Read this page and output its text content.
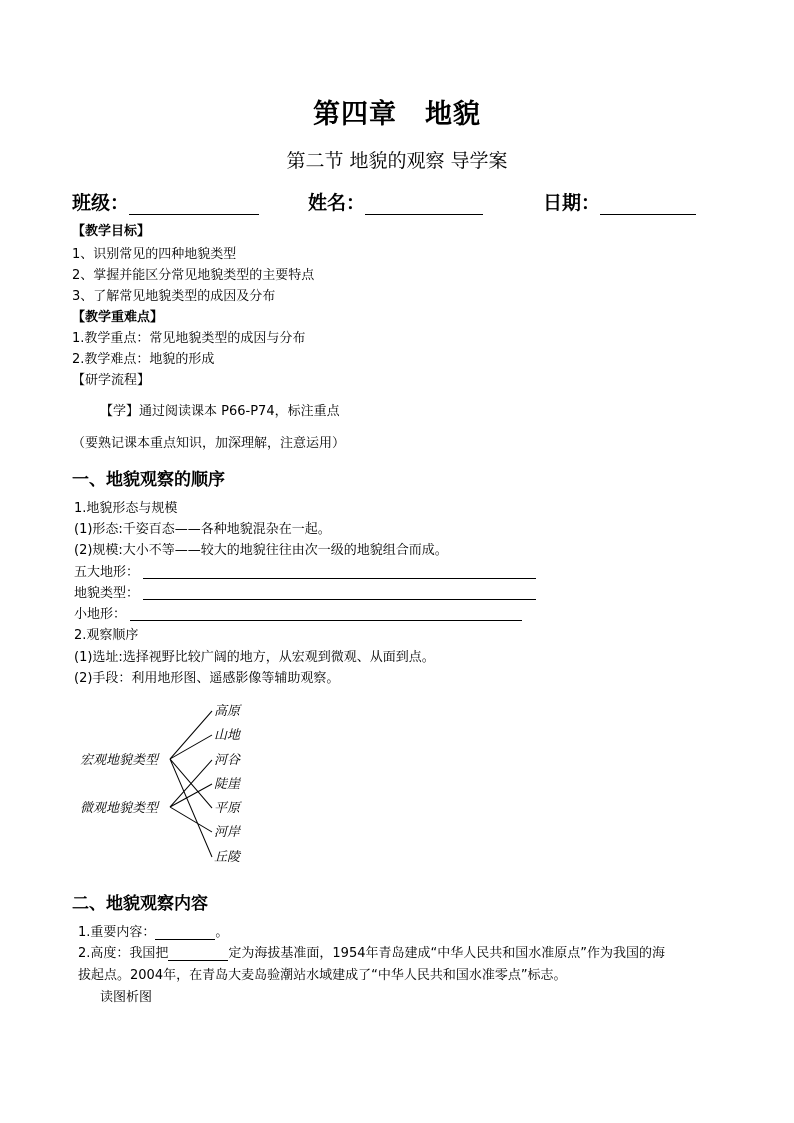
第四章　地貌
第二节 地貌的观察 导学案
班级：	姓名：	日期：
【教学目标】
1、识别常见的四种地貌类型
2、掌握并能区分常见地貌类型的主要特点
3、了解常见地貌类型的成因及分布
【教学重难点】
1.教学重点：常见地貌类型的成因与分布
2.教学难点：地貌的形成
【研学流程】
【学】通过阅读课本 P66-P74，标注重点
（要熟记课本重点知识，加深理解，注意运用）
一、地貌观察的顺序
1.地貌形态与规模
(1)形态:千姿百态——各种地貌混杂在一起。
(2)规模:大小不等——较大的地貌往往由次一级的地貌组合而成。
五大地形：
地貌类型：
小地形：
2.观察顺序
(1)选址:选择视野比较广阔的地方，从宏观到微观、从面到点。
(2)手段：利用地形图、遥感影像等辅助观察。
宏观地貌类型
微观地貌类型
高原
山地
河谷
陡崖
平原
河岸
丘陵
二、地貌观察内容
1.重要内容：	。
2.高度：我国把	定为海拔基准面，1954年青岛建成“中华人民共和国水准原点”作为我国的海
拔起点。2004年，在青岛大麦岛验潮站水域建成了“中华人民共和国水准零点”标志。
读图析图
